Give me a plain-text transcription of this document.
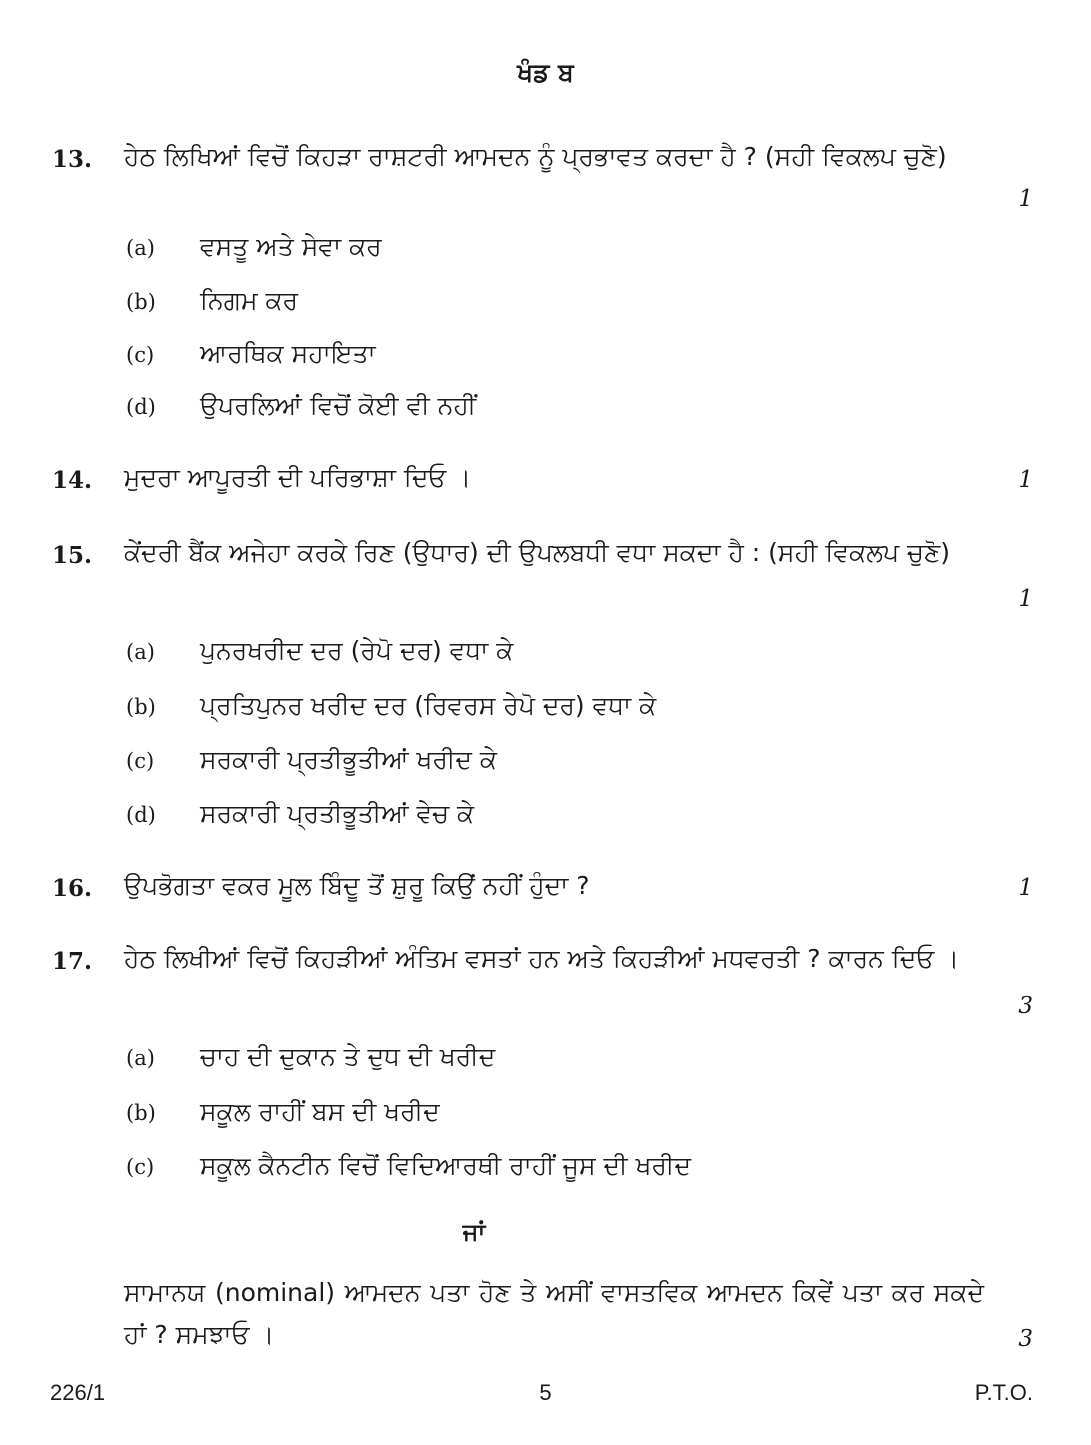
ਖੰਡ ਬ
13. ਹੇਠ ਲਿਖਿਆਂ ਵਿਚੋਂ ਕਿਹੜਾ ਰਾਸ਼ਟਰੀ ਆਮਦਨ ਨੂੰ ਪ੍ਰਭਾਵਤ ਕਰਦਾ ਹੈ ? (ਸਹੀ ਵਿਕਲਪ ਚੁਣੋ)
1
(a) ਵਸਤੂ ਅਤੇ ਸੇਵਾ ਕਰ
(b) ਨਿਗਮ ਕਰ
(c) ਆਰਥਿਕ ਸਹਾਇਤਾ
(d) ਉਪਰਲਿਆਂ ਵਿਚੋਂ ਕੋਈ ਵੀ ਨਹੀਂ
14. ਮੁਦਰਾ ਆਪੂਰਤੀ ਦੀ ਪਰਿਭਾਸ਼ਾ ਦਿਓ ।	1
15. ਕੇਂਦਰੀ ਬੈਂਕ ਅਜੇਹਾ ਕਰਕੇ ਰਿਣ (ਉਧਾਰ) ਦੀ ਉਪਲਬਧੀ ਵਧਾ ਸਕਦਾ ਹੈ : (ਸਹੀ ਵਿਕਲਪ ਚੁਣੋ)
1
(a) ਪੁਨਰਖਰੀਦ ਦਰ (ਰੇਪੋ ਦਰ) ਵਧਾ ਕੇ
(b) ਪ੍ਰਤਿਪੁਨਰ ਖਰੀਦ ਦਰ (ਰਿਵਰਸ ਰੇਪੋ ਦਰ) ਵਧਾ ਕੇ
(c) ਸਰਕਾਰੀ ਪ੍ਰਤੀਭੂਤੀਆਂ ਖਰੀਦ ਕੇ
(d) ਸਰਕਾਰੀ ਪ੍ਰਤੀਭੂਤੀਆਂ ਵੇਚ ਕੇ
16. ਉਪਭੋਗਤਾ ਵਕਰ ਮੂਲ ਬਿੰਦੂ ਤੋਂ ਸ਼ੁਰੂ ਕਿਉਂ ਨਹੀਂ ਹੁੰਦਾ ?	1
17. ਹੇਠ ਲਿਖੀਆਂ ਵਿਚੋਂ ਕਿਹੜੀਆਂ ਅੰਤਿਮ ਵਸਤਾਂ ਹਨ ਅਤੇ ਕਿਹੜੀਆਂ ਮਧਵਰਤੀ ? ਕਾਰਨ ਦਿਓ ।
3
(a) ਚਾਹ ਦੀ ਦੁਕਾਨ ਤੇ ਦੁਧ ਦੀ ਖਰੀਦ
(b) ਸਕੂਲ ਰਾਹੀਂ ਬਸ ਦੀ ਖਰੀਦ
(c) ਸਕੂਲ ਕੈਨਟੀਨ ਵਿਚੋਂ ਵਿਦਿਆਰਥੀ ਰਾਹੀਂ ਜੂਸ ਦੀ ਖਰੀਦ
ਜਾਂ
ਸਾਮਾਨਯ (nominal) ਆਮਦਨ ਪਤਾ ਹੋਣ ਤੇ ਅਸੀਂ ਵਾਸਤਵਿਕ ਆਮਦਨ ਕਿਵੇਂ ਪਤਾ ਕਰ ਸਕਦੇ ਹਾਂ ? ਸਮਝਾਓ ।	3
226/1	5	P.T.O.
